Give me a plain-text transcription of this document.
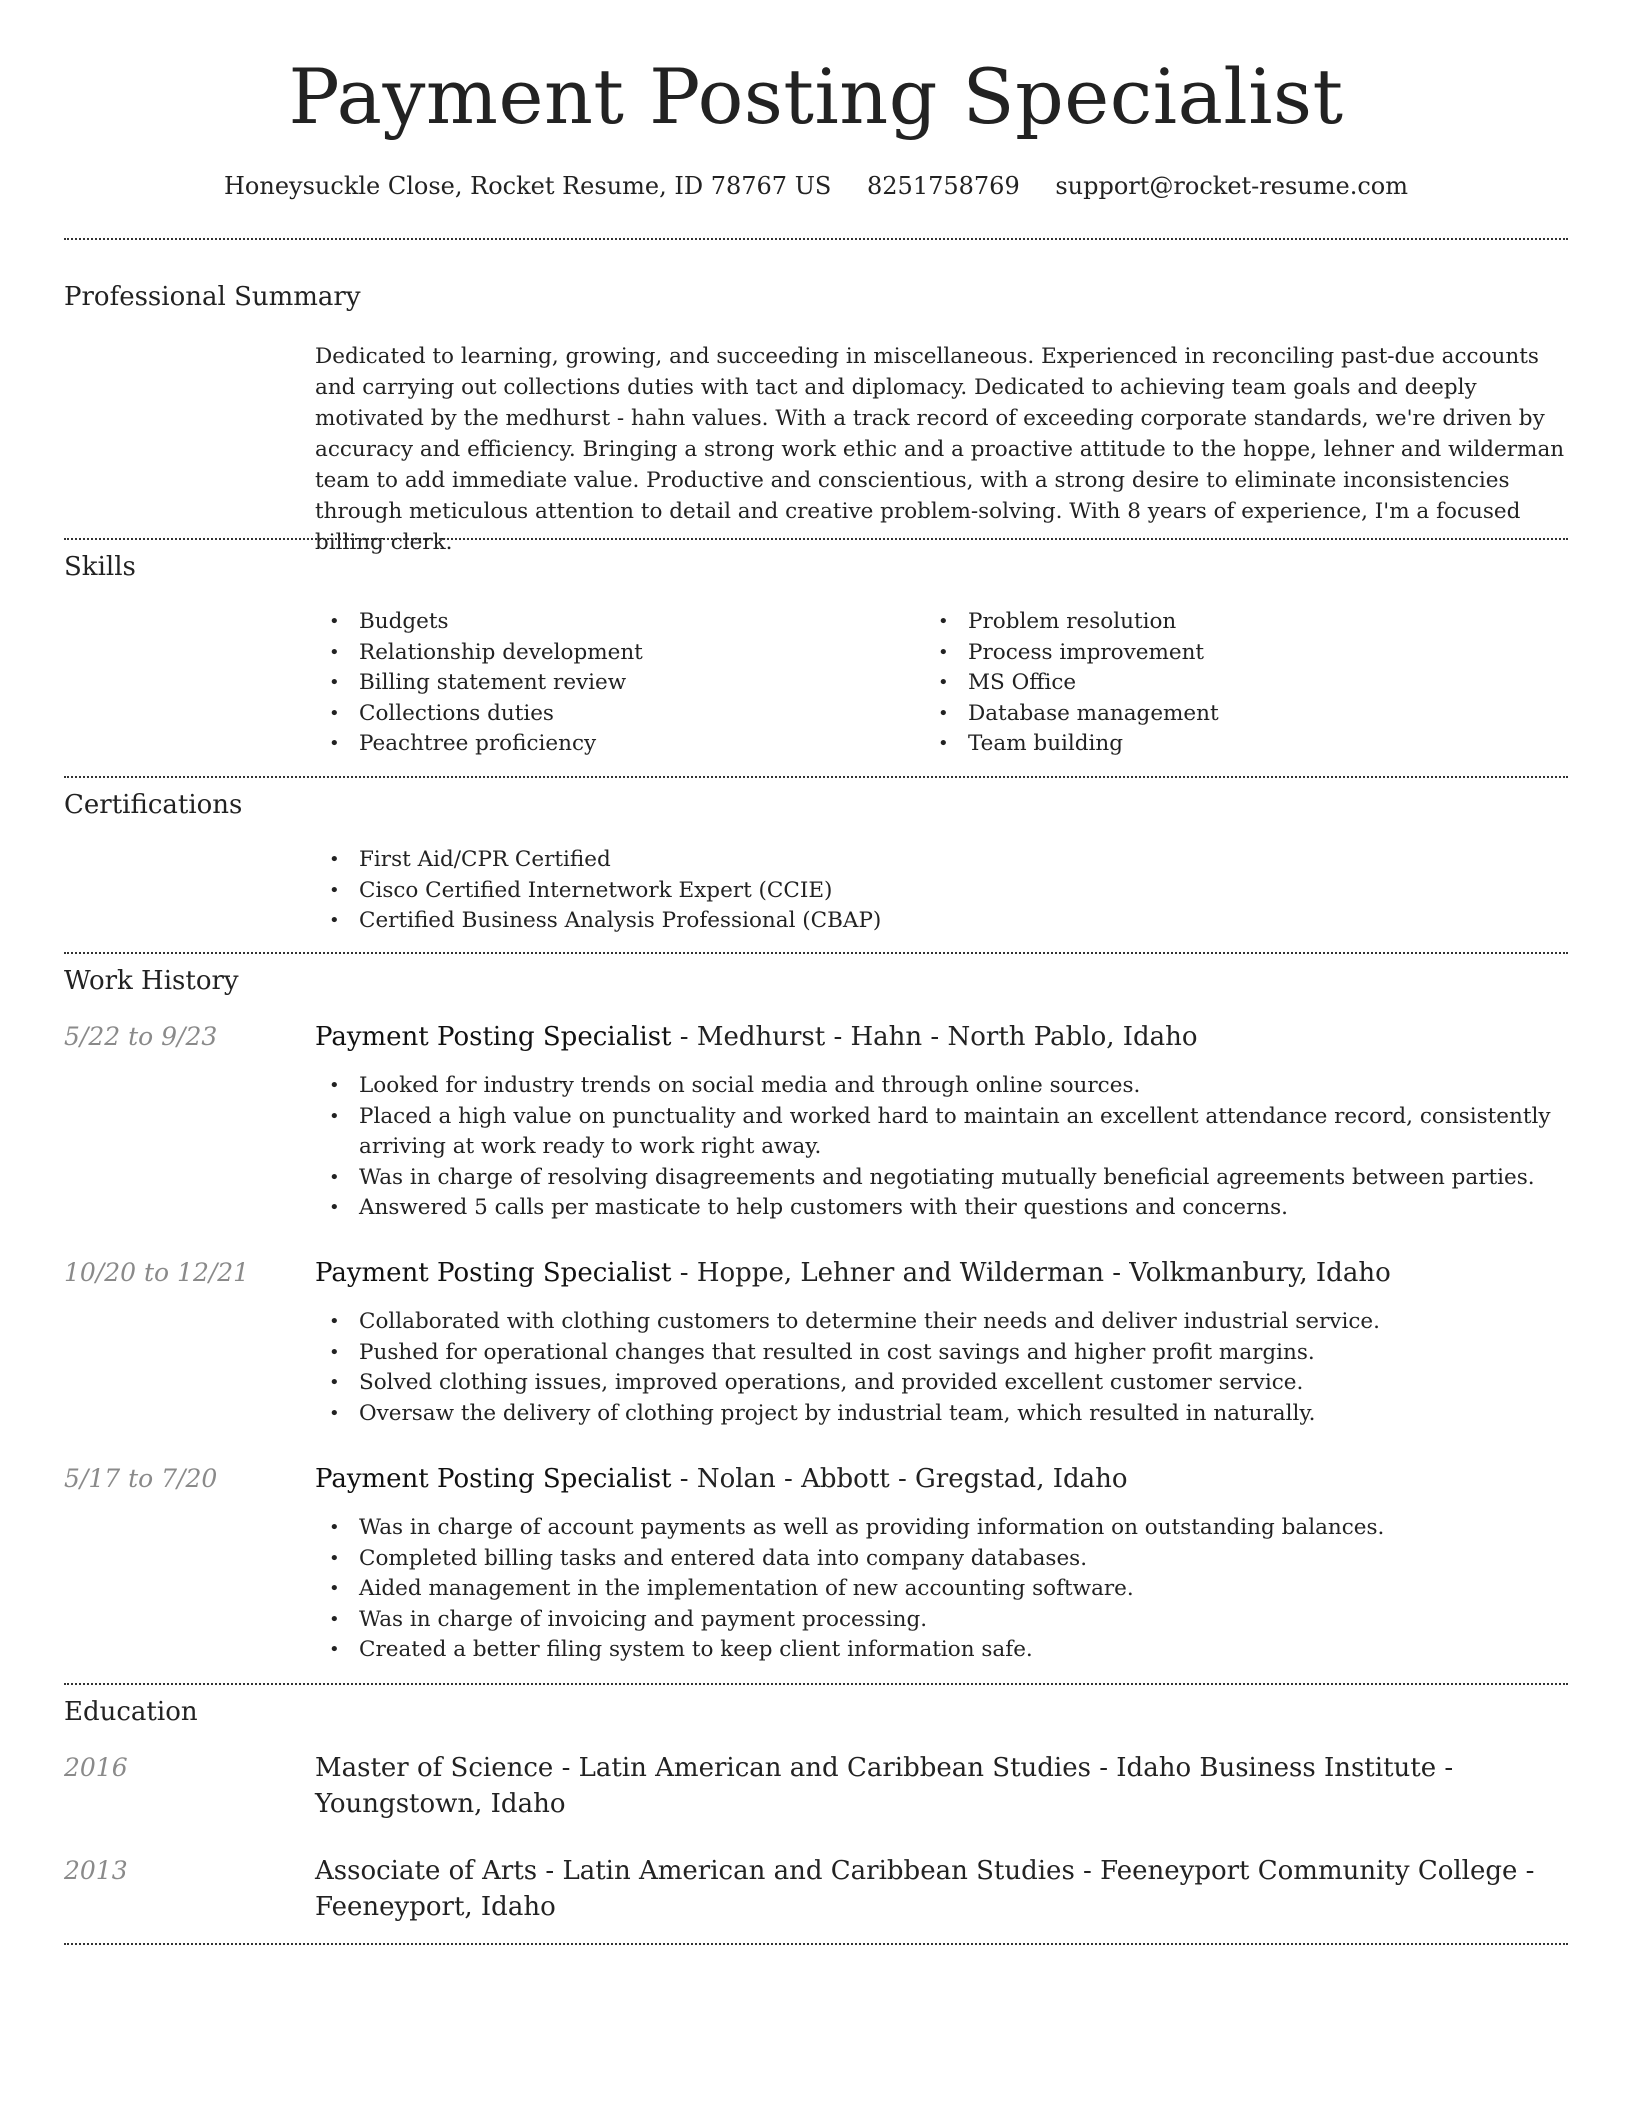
Payment Posting Specialist
Honeysuckle Close, Rocket Resume, ID 78767 US 8251758769 support@rocket-resume.com
Professional Summary
Dedicated to learning, growing, and succeeding in miscellaneous. Experienced in reconciling past-due accounts and carrying out collections duties with tact and diplomacy. Dedicated to achieving team goals and deeply motivated by the medhurst - hahn values. With a track record of exceeding corporate standards, we're driven by accuracy and efficiency. Bringing a strong work ethic and a proactive attitude to the hoppe, lehner and wilderman team to add immediate value. Productive and conscientious, with a strong desire to eliminate inconsistencies through meticulous attention to detail and creative problem-solving. With 8 years of experience, I'm a focused billing clerk.
Skills
• Budgets
• Relationship development
• Billing statement review
• Collections duties
• Peachtree proficiency
• Problem resolution
• Process improvement
• MS Office
• Database management
• Team building
Certifications
• First Aid/CPR Certified
• Cisco Certified Internetwork Expert (CCIE)
• Certified Business Analysis Professional (CBAP)
Work History
5/22 to 9/23	Payment Posting Specialist - Medhurst - Hahn - North Pablo, Idaho
• Looked for industry trends on social media and through online sources.
• Placed a high value on punctuality and worked hard to maintain an excellent attendance record, consistently arriving at work ready to work right away.
• Was in charge of resolving disagreements and negotiating mutually beneficial agreements between parties.
• Answered 5 calls per masticate to help customers with their questions and concerns.
10/20 to 12/21	Payment Posting Specialist - Hoppe, Lehner and Wilderman - Volkmanbury, Idaho
• Collaborated with clothing customers to determine their needs and deliver industrial service.
• Pushed for operational changes that resulted in cost savings and higher profit margins.
• Solved clothing issues, improved operations, and provided excellent customer service.
• Oversaw the delivery of clothing project by industrial team, which resulted in naturally.
5/17 to 7/20	Payment Posting Specialist - Nolan - Abbott - Gregstad, Idaho
• Was in charge of account payments as well as providing information on outstanding balances.
• Completed billing tasks and entered data into company databases.
• Aided management in the implementation of new accounting software.
• Was in charge of invoicing and payment processing.
• Created a better filing system to keep client information safe.
Education
2016	Master of Science - Latin American and Caribbean Studies - Idaho Business Institute - Youngstown, Idaho
2013	Associate of Arts - Latin American and Caribbean Studies - Feeneyport Community College - Feeneyport, Idaho
